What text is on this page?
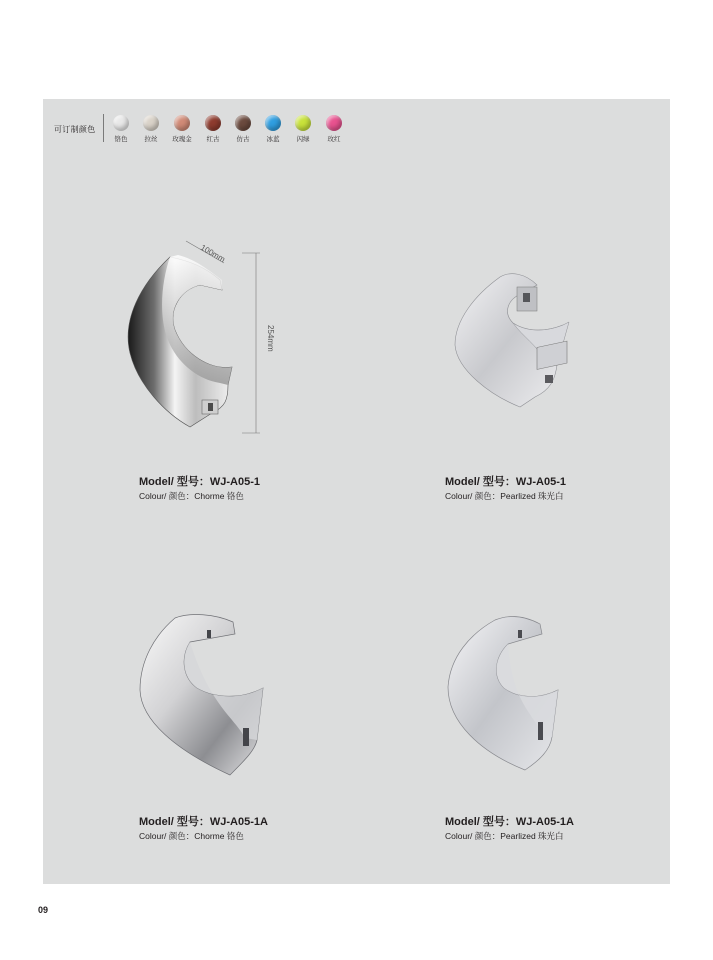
可订制颜色
铬色	拉丝	玫瑰金	红古	仿古	冰蓝	闪绿	玫红
100mm
254mm
Model/ 型号：WJ-A05-1
Colour/ 颜色：Chorme 铬色
Model/ 型号：WJ-A05-1
Colour/ 颜色：Pearlized 珠光白
Model/ 型号：WJ-A05-1A
Colour/ 颜色：Chorme 铬色
Model/ 型号：WJ-A05-1A
Colour/ 颜色：Pearlized 珠光白
09
